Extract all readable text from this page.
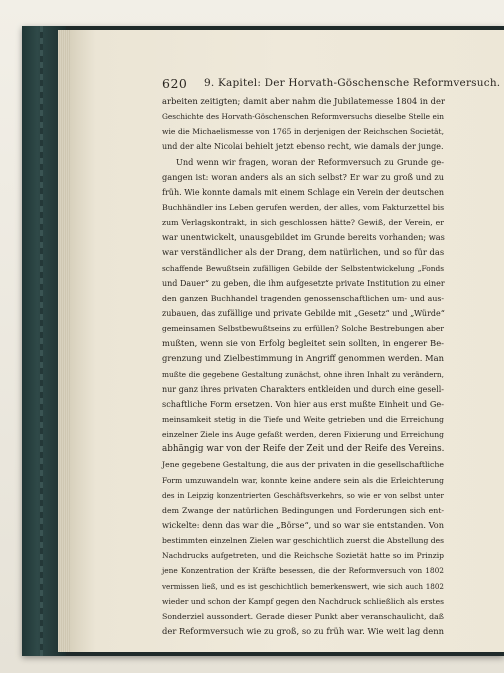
620 9. Kapitel: Der Horvath-Göschensche Reformversuch.
arbeiten zeitigten; damit aber nahm die Jubilatemesse 1804 in der
Geschichte des Horvath-Göschenschen Reformversuchs dieselbe Stelle ein
wie die Michaelismesse von 1765 in derjenigen der Reichschen Societät,
und der alte Nicolai behielt jetzt ebenso recht, wie damals der junge.
Und wenn wir fragen, woran der Reformversuch zu Grunde ge-
gangen ist: woran anders als an sich selbst? Er war zu groß und zu
früh. Wie konnte damals mit einem Schlage ein Verein der deutschen
Buchhändler ins Leben gerufen werden, der alles, vom Fakturzettel bis
zum Verlagskontrakt, in sich geschlossen hätte? Gewiß, der Verein, er
war unentwickelt, unausgebildet im Grunde bereits vorhanden; was
war verständlicher als der Drang, dem natürlichen, und so für das
schaffende Bewußtsein zufälligen Gebilde der Selbstentwickelung „Fonds
und Dauer“ zu geben, die ihm aufgesetzte private Institution zu einer
den ganzen Buchhandel tragenden genossenschaftlichen um- und aus-
zubauen, das zufällige und private Gebilde mit „Gesetz“ und „Würde“
gemeinsamen Selbstbewußtseins zu erfüllen? Solche Bestrebungen aber
mußten, wenn sie von Erfolg begleitet sein sollten, in engerer Be-
grenzung und Zielbestimmung in Angriff genommen werden. Man
mußte die gegebene Gestaltung zunächst, ohne ihren Inhalt zu verändern,
nur ganz ihres privaten Charakters entkleiden und durch eine gesell-
schaftliche Form ersetzen. Von hier aus erst mußte Einheit und Ge-
meinsamkeit stetig in die Tiefe und Weite getrieben und die Erreichung
einzelner Ziele ins Auge gefaßt werden, deren Fixierung und Erreichung
abhängig war von der Reife der Zeit und der Reife des Vereins.
Jene gegebene Gestaltung, die aus der privaten in die gesellschaftliche
Form umzuwandeln war, konnte keine andere sein als die Erleichterung
des in Leipzig konzentrierten Geschäftsverkehrs, so wie er von selbst unter
dem Zwange der natürlichen Bedingungen und Forderungen sich ent-
wickelte: denn das war die „Börse“, und so war sie entstanden. Von
bestimmten einzelnen Zielen war geschichtlich zuerst die Abstellung des
Nachdrucks aufgetreten, und die Reichsche Sozietät hatte so im Prinzip
jene Konzentration der Kräfte besessen, die der Reformversuch von 1802
vermissen ließ, und es ist geschichtlich bemerkenswert, wie sich auch 1802
wieder und schon der Kampf gegen den Nachdruck schließlich als erstes
Sonderziel aussondert. Gerade dieser Punkt aber veranschaulicht, daß
der Reformversuch wie zu groß, so zu früh war. Wie weit lag denn
